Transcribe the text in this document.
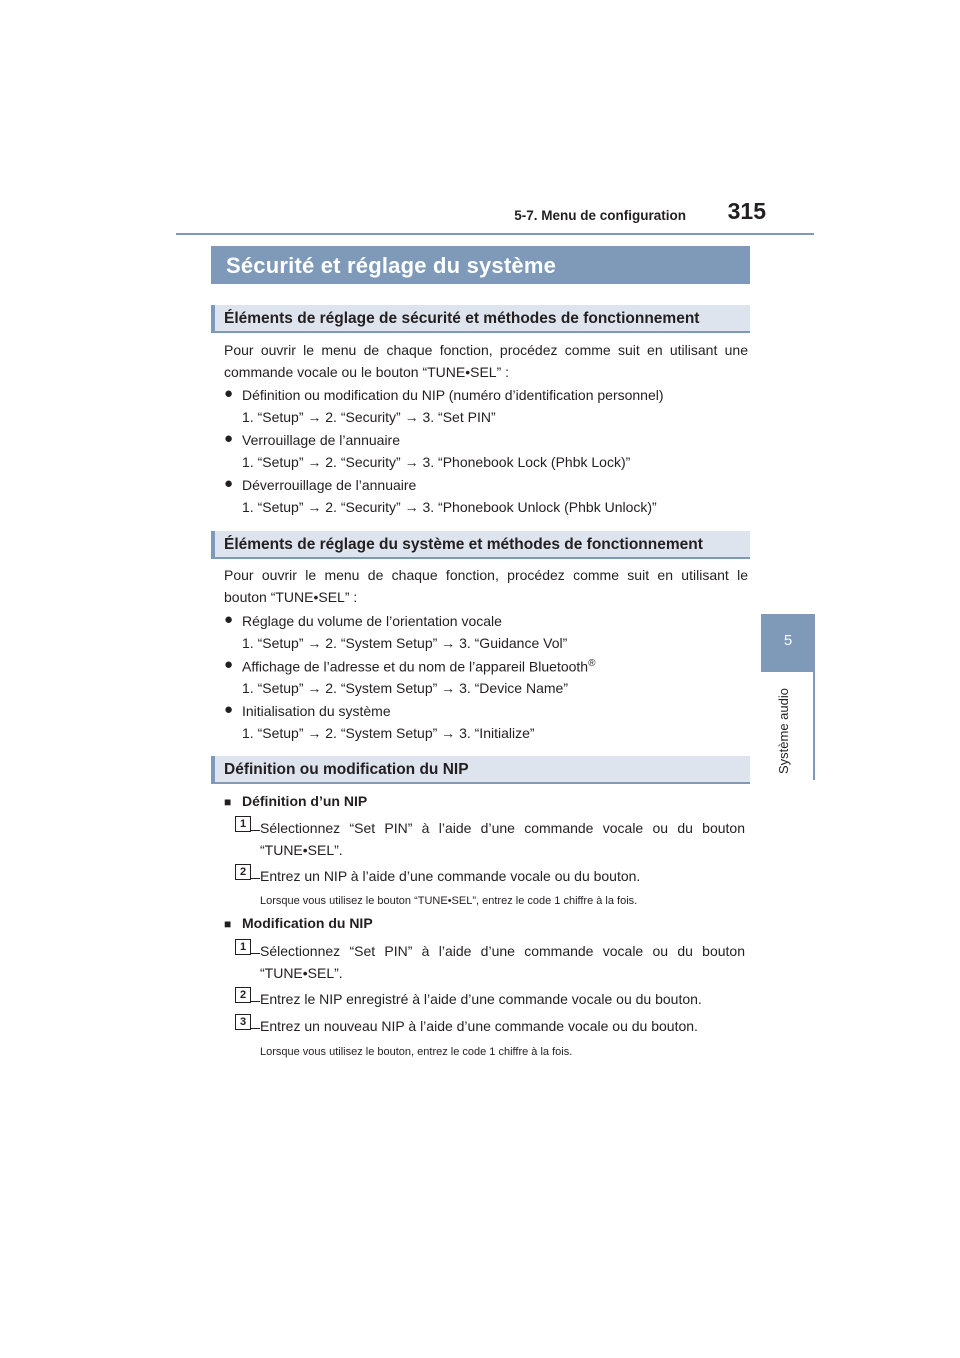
5-7. Menu de configuration	315
5
Système audio
Sécurité et réglage du système
Éléments de réglage de sécurité et méthodes de fonctionnement
Pour ouvrir le menu de chaque fonction, procédez comme suit en utilisant une
commande vocale ou le bouton “TUNE•SEL” :
● Définition ou modification du NIP (numéro d’identification personnel)
1. “Setup” → 2. “Security” → 3. “Set PIN”
● Verrouillage de l’annuaire
1. “Setup” → 2. “Security” → 3. “Phonebook Lock (Phbk Lock)”
● Déverrouillage de l’annuaire
1. “Setup” → 2. “Security” → 3. “Phonebook Unlock (Phbk Unlock)”
Éléments de réglage du système et méthodes de fonctionnement
Pour ouvrir le menu de chaque fonction, procédez comme suit en utilisant le
bouton “TUNE•SEL” :
● Réglage du volume de l’orientation vocale
1. “Setup” → 2. “System Setup” → 3. “Guidance Vol”
● Affichage de l’adresse et du nom de l’appareil Bluetooth®
1. “Setup” → 2. “System Setup” → 3. “Device Name”
● Initialisation du système
1. “Setup” → 2. “System Setup” → 3. “Initialize”
Définition ou modification du NIP
■ Définition d’un NIP
1 Sélectionnez “Set PIN” à l’aide d’une commande vocale ou du bouton
“TUNE•SEL”.
2 Entrez un NIP à l’aide d’une commande vocale ou du bouton.
Lorsque vous utilisez le bouton “TUNE•SEL”, entrez le code 1 chiffre à la fois.
■ Modification du NIP
1 Sélectionnez “Set PIN” à l’aide d’une commande vocale ou du bouton
“TUNE•SEL”.
2 Entrez le NIP enregistré à l’aide d’une commande vocale ou du bouton.
3 Entrez un nouveau NIP à l’aide d’une commande vocale ou du bouton.
Lorsque vous utilisez le bouton, entrez le code 1 chiffre à la fois.
